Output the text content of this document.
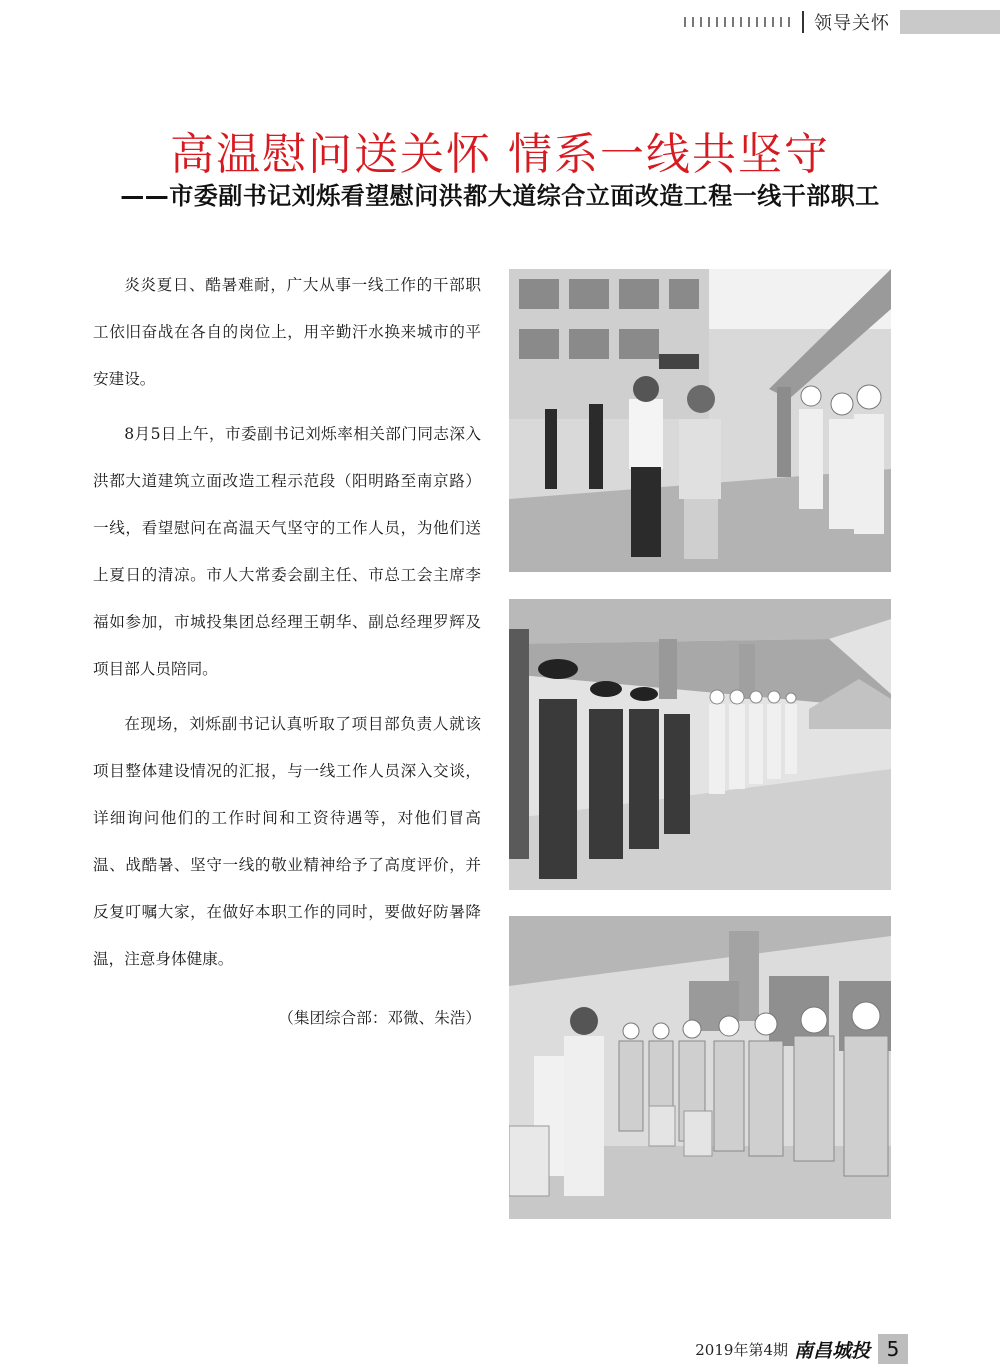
领导关怀
高温慰问送关怀 情系一线共坚守
——市委副书记刘烁看望慰问洪都大道综合立面改造工程一线干部职工

炎炎夏日、酷暑难耐，广大从事一线工作的干部职工依旧奋战在各自的岗位上，用辛勤汗水换来城市的平安建设。

8月5日上午，市委副书记刘烁率相关部门同志深入洪都大道建筑立面改造工程示范段（阳明路至南京路）一线，看望慰问在高温天气坚守的工作人员，为他们送上夏日的清凉。市人大常委会副主任、市总工会主席李福如参加，市城投集团总经理王朝华、副总经理罗辉及项目部人员陪同。

在现场，刘烁副书记认真听取了项目部负责人就该项目整体建设情况的汇报，与一线工作人员深入交谈，详细询问他们的工作时间和工资待遇等，对他们冒高温、战酷暑、坚守一线的敬业精神给予了高度评价，并反复叮嘱大家，在做好本职工作的同时，要做好防暑降温，注意身体健康。

（集团综合部：邓微、朱浩）

2019年第4期 南昌城投 5
